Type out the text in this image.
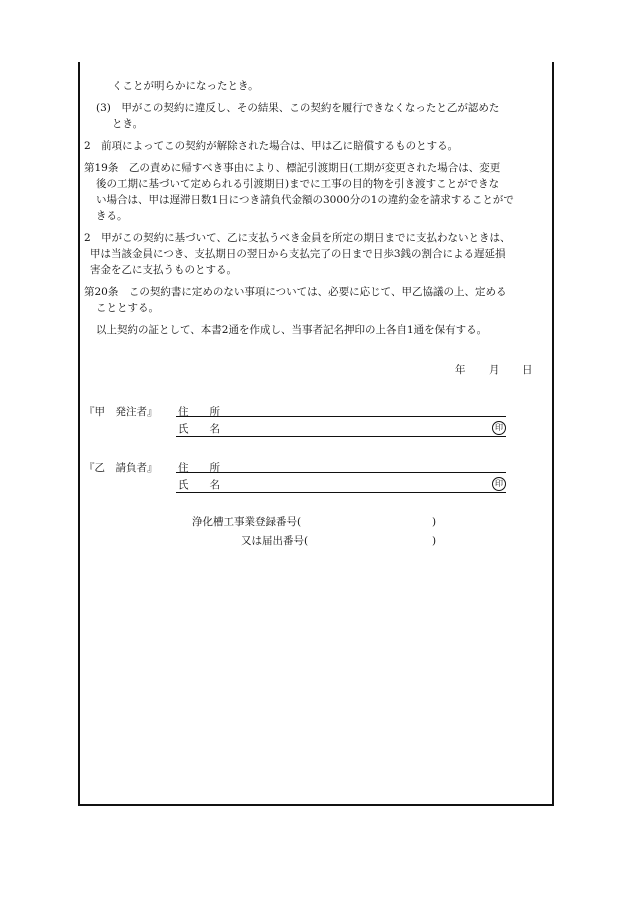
くことが明らかになったとき。
(3)　甲がこの契約に違反し、その結果、この契約を履行できなくなったと乙が認めた
とき。
2　前項によってこの契約が解除された場合は、甲は乙に賠償するものとする。
第19条　乙の責めに帰すべき事由により、標記引渡期日(工期が変更された場合は、変更
後の工期に基づいて定められる引渡期日)までに工事の目的物を引き渡すことができな
い場合は、甲は遅滞日数1日につき請負代金額の3000分の1の違約金を請求することがで
きる。
2　甲がこの契約に基づいて、乙に支払うべき金員を所定の期日までに支払わないときは、
甲は当該金員につき、支払期日の翌日から支払完了の日まで日歩3銭の割合による遅延損
害金を乙に支払うものとする。
第20条　この契約書に定めのない事項については、必要に応じて、甲乙協議の上、定める
こととする。
以上契約の証として、本書2通を作成し、当事者記名押印の上各自1通を保有する。
年 月 日
『甲　発注者』 住　　所
氏　　名	印
『乙　請負者』 住　　所
氏　　名	印
浄化槽工事業登録番号(	)
又は届出番号(	)
